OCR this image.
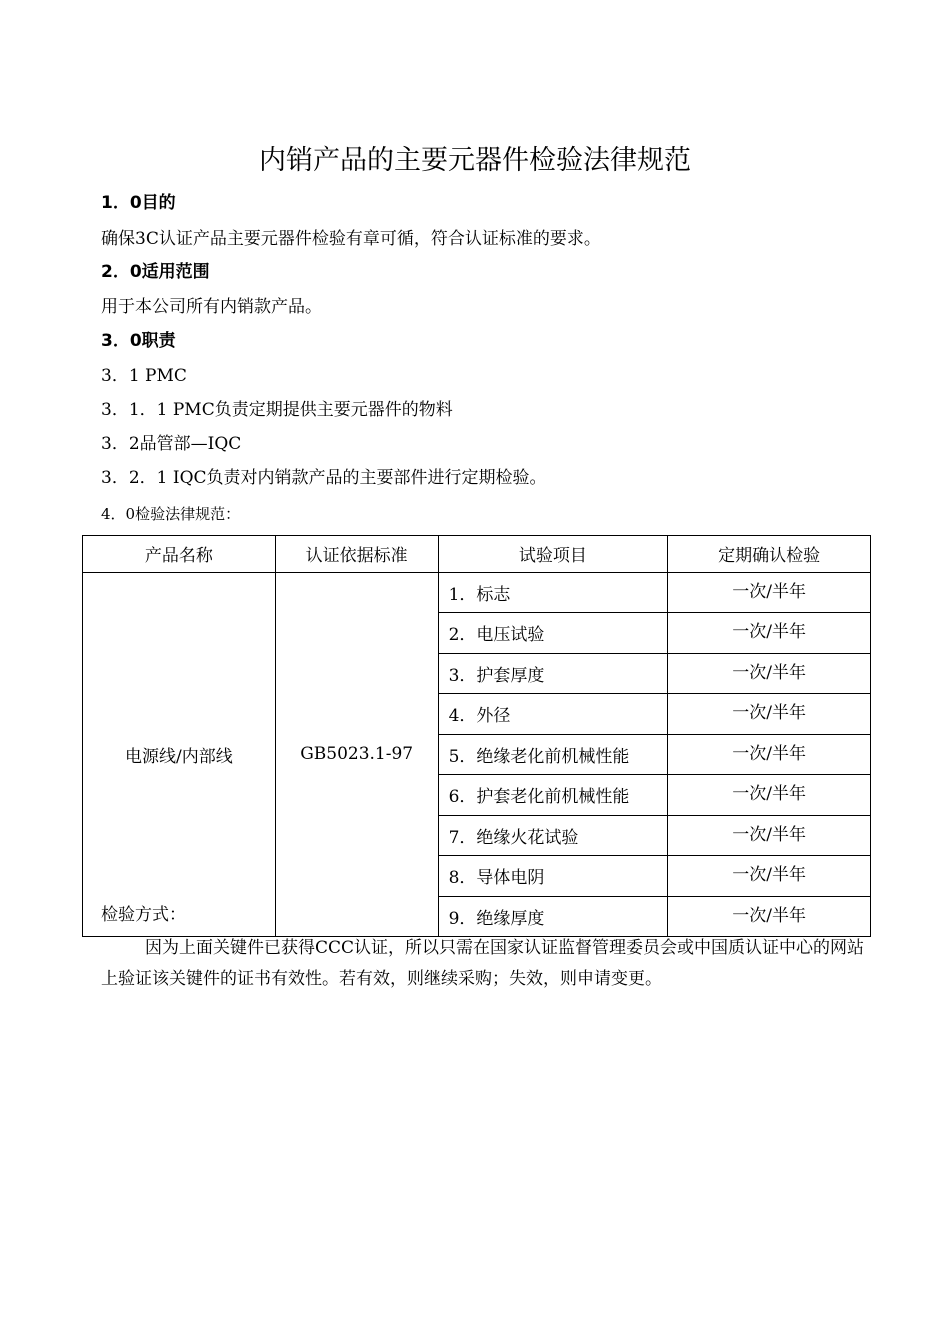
内销产品的主要元器件检验法律规范
1．0目的
确保3C认证产品主要元器件检验有章可循，符合认证标准的要求。
2．0适用范围
用于本公司所有内销款产品。
3．0职责
3．1 PMC
3．1．1 PMC负责定期提供主要元器件的物料
3．2品管部—IQC
3．2．1 IQC负责对内销款产品的主要部件进行定期检验。
4．0检验法律规范：
产品名称	认证依据标准	试验项目	定期确认检验
电源线/内部线	GB5023.1-97	1．标志	一次/半年
		2．电压试验	一次/半年
		3．护套厚度	一次/半年
		4．外径	一次/半年
		5．绝缘老化前机械性能	一次/半年
		6．护套老化前机械性能	一次/半年
		7．绝缘火花试验	一次/半年
		8．导体电阴	一次/半年
		9．绝缘厚度	一次/半年
检验方式：
因为上面关键件已获得CCC认证，所以只需在国家认证监督管理委员会或中国质认证中心的网站上验证该关键件的证书有效性。若有效，则继续采购；失效，则申请变更。
